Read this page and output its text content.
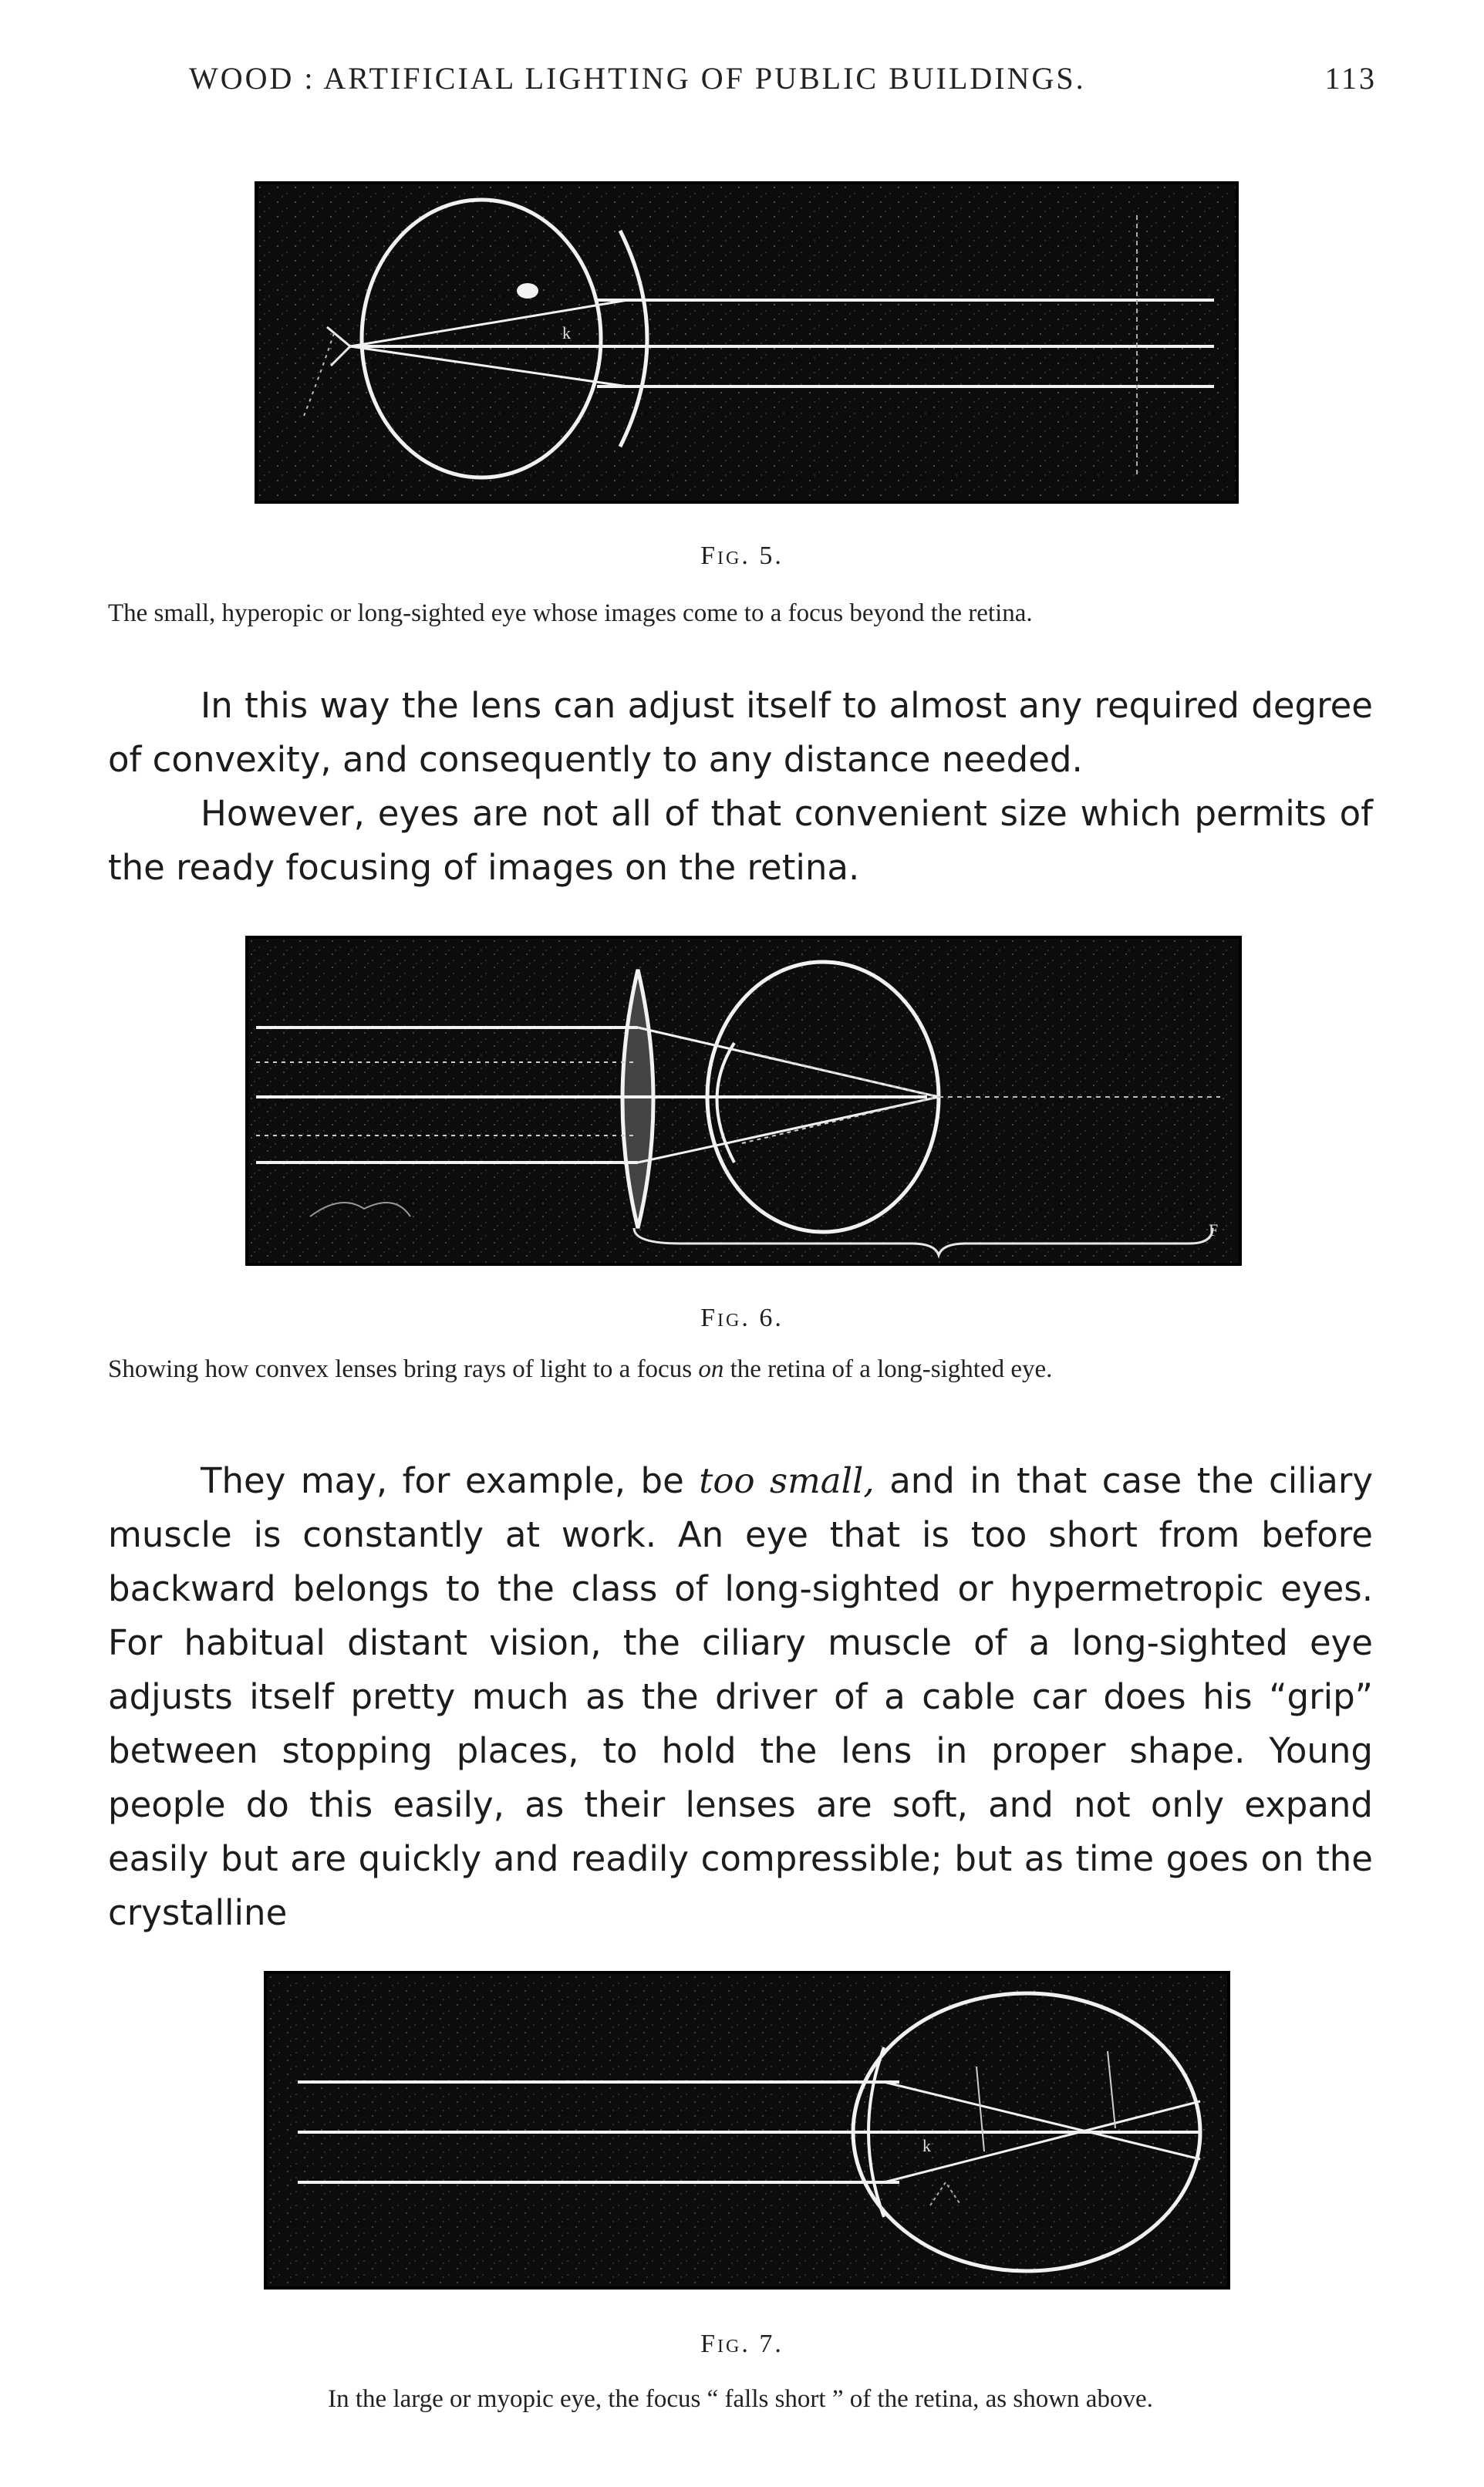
WOOD : ARTIFICIAL LIGHTING OF PUBLIC BUILDINGS.	113
k
Fig. 5.
The small, hyperopic or long-sighted eye whose images come to a focus beyond the retina.

In this way the lens can adjust itself to almost any required degree of convexity, and consequently to any distance needed.

However, eyes are not all of that convenient size which permits of the ready focusing of images on the retina.

F
Fig. 6.
Showing how convex lenses bring rays of light to a focus on the retina of a long-sighted eye.

They may, for example, be too small, and in that case the ciliary muscle is constantly at work. An eye that is too short from before backward belongs to the class of long-sighted or hypermetropic eyes. For habitual distant vision, the ciliary muscle of a long-sighted eye adjusts itself pretty much as the driver of a cable car does his “grip” between stopping places, to hold the lens in proper shape. Young people do this easily, as their lenses are soft, and not only expand easily but are quickly and readily compressible; but as time goes on the crystalline

k
Fig. 7.
In the large or myopic eye, the focus “ falls short ” of the retina, as shown above.
